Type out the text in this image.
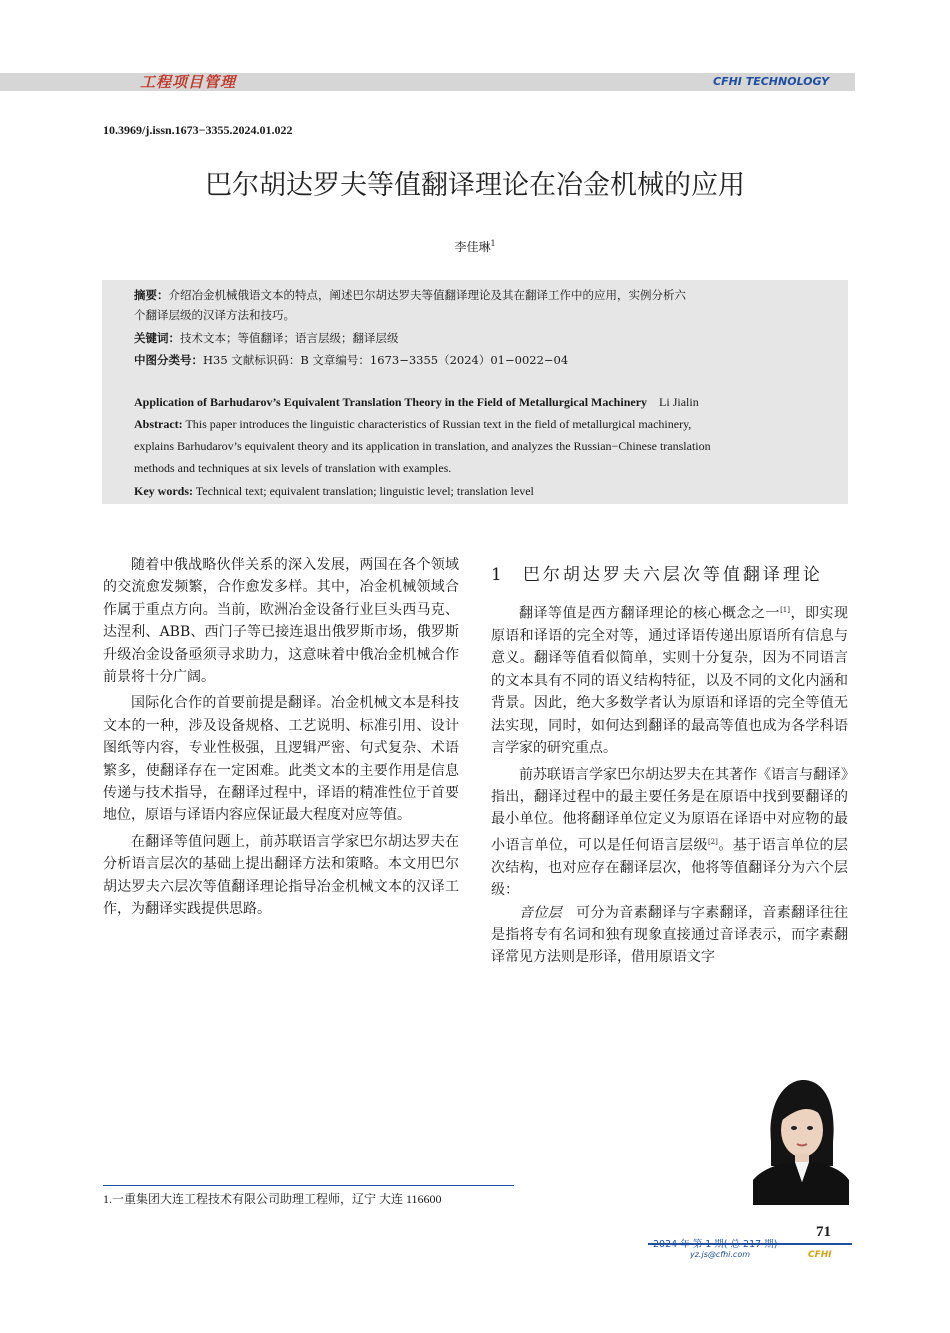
工程项目管理	CFHI TECHNOLOGY
10.3969/j.issn.1673−3355.2024.01.022
巴尔胡达罗夫等值翻译理论在冶金机械的应用
李佳琳$^1$
摘要：介绍冶金机械俄语文本的特点，阐述巴尔胡达罗夫等值翻译理论及其在翻译工作中的应用，实例分析六
个翻译层级的汉译方法和技巧。
关键词：技术文本；等值翻译；语言层级；翻译层级
中图分类号：H35 文献标识码：B 文章编号：1673−3355（2024）01−0022−04
Application of Barhudarov’s Equivalent Translation Theory in the Field of Metallurgical Machinery Li Jialin
Abstract: This paper introduces the linguistic characteristics of Russian text in the field of metallurgical machinery,
explains Barhudarov’s equivalent theory and its application in translation, and analyzes the Russian−Chinese translation
methods and techniques at six levels of translation with examples.
Key words: Technical text; equivalent translation; linguistic level; translation level

随着中俄战略伙伴关系的深入发展，两国在各个领域的交流愈发频繁，合作愈发多样。其中，冶金机械领域合作属于重点方向。当前，欧洲冶金设备行业巨头西马克、达涅利、ABB、西门子等已接连退出俄罗斯市场，俄罗斯升级冶金设备亟须寻求助力，这意味着中俄冶金机械合作前景将十分广阔。

国际化合作的首要前提是翻译。冶金机械文本是科技文本的一种，涉及设备规格、工艺说明、标准引用、设计图纸等内容，专业性极强，且逻辑严密、句式复杂、术语繁多，使翻译存在一定困难。此类文本的主要作用是信息传递与技术指导，在翻译过程中，译语的精准性位于首要地位，原语与译语内容应保证最大程度对应等值。

在翻译等值问题上，前苏联语言学家巴尔胡达罗夫在分析语言层次的基础上提出翻译方法和策略。本文用巴尔胡达罗夫六层次等值翻译理论指导冶金机械文本的汉译工作，为翻译实践提供思路。

1 巴尔胡达罗夫六层次等值翻译理论

翻译等值是西方翻译理论的核心概念之一[1]，即实现原语和译语的完全对等，通过译语传递出原语所有信息与意义。翻译等值看似简单，实则十分复杂，因为不同语言的文本具有不同的语义结构特征，以及不同的文化内涵和背景。因此，绝大多数学者认为原语和译语的完全等值无法实现，同时，如何达到翻译的最高等值也成为各学科语言学家的研究重点。

前苏联语言学家巴尔胡达罗夫在其著作《语言与翻译》指出，翻译过程中的最主要任务是在原语中找到要翻译的最小单位。他将翻译单位定义为原语在译语中对应物的最小语言单位，可以是任何语言层级[2]。基于语言单位的层次结构，也对应存在翻译层次，他将等值翻译分为六个层级：

音位层 可分为音素翻译与字素翻译，音素翻译往往是指将专有名词和独有现象直接通过音译表示，而字素翻译常见方法则是形译，借用原语文字

1.一重集团大连工程技术有限公司助理工程师，辽宁 大连 116600
71
yz.js@cfhi.com	CFHI
